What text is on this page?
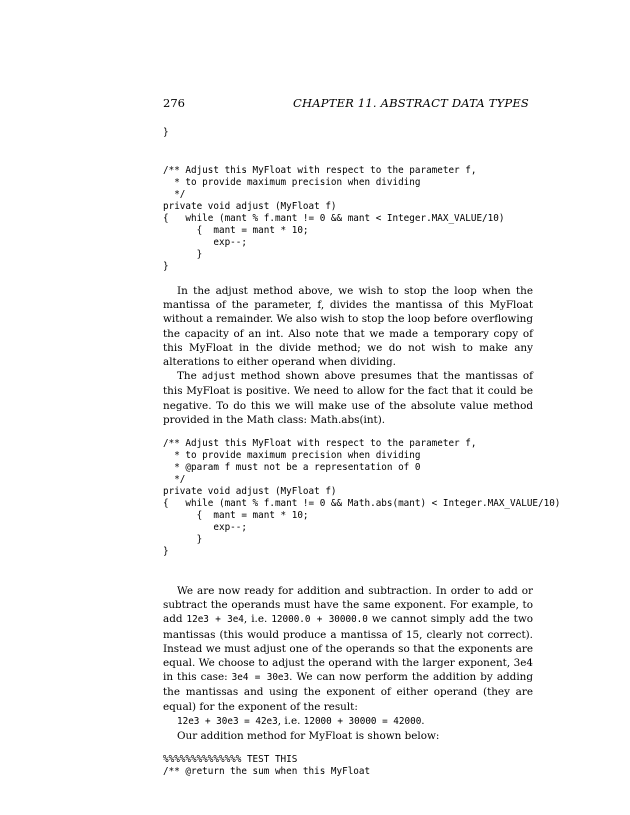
276	CHAPTER 11. ABSTRACT DATA TYPES
}
/** Adjust this MyFloat with respect to the parameter f,
* to provide maximum precision when dividing
*/
private void adjust (MyFloat f)
{   while (mant % f.mant != 0 && mant < Integer.MAX_VALUE/10)
{  mant = mant * 10;
exp--;
}
}

In the adjust method above, we wish to stop the loop when the mantissa of the parameter, f, divides the mantissa of this MyFloat without a remainder. We also wish to stop the loop before overflowing the capacity of an int. Also note that we made a temporary copy of this MyFloat in the divide method; we do not wish to make any alterations to either operand when dividing.

The adjust method shown above presumes that the mantissas of this MyFloat is positive. We need to allow for the fact that it could be negative. To do this we will make use of the absolute value method provided in the Math class: Math.abs(int).

/** Adjust this MyFloat with respect to the parameter f,
* to provide maximum precision when dividing
* @param f must not be a representation of 0
*/
private void adjust (MyFloat f)
{   while (mant % f.mant != 0 && Math.abs(mant) < Integer.MAX_VALUE/10)
{  mant = mant * 10;
exp--;
}
}

We are now ready for addition and subtraction. In order to add or subtract the operands must have the same exponent. For example, to add 12e3 + 3e4, i.e. 12000.0 + 30000.0 we cannot simply add the two mantissas (this would produce a mantissa of 15, clearly not correct). Instead we must adjust one of the operands so that the exponents are equal. We choose to adjust the operand with the larger exponent, 3e4 in this case: 3e4 = 30e3. We can now perform the addition by adding the mantissas and using the exponent of either operand (they are equal) for the exponent of the result:

12e3 + 30e3 = 42e3, i.e. 12000 + 30000 = 42000.

Our addition method for MyFloat is shown below:

%%%%%%%%%%%%%% TEST THIS
/** @return the sum when this MyFloat
